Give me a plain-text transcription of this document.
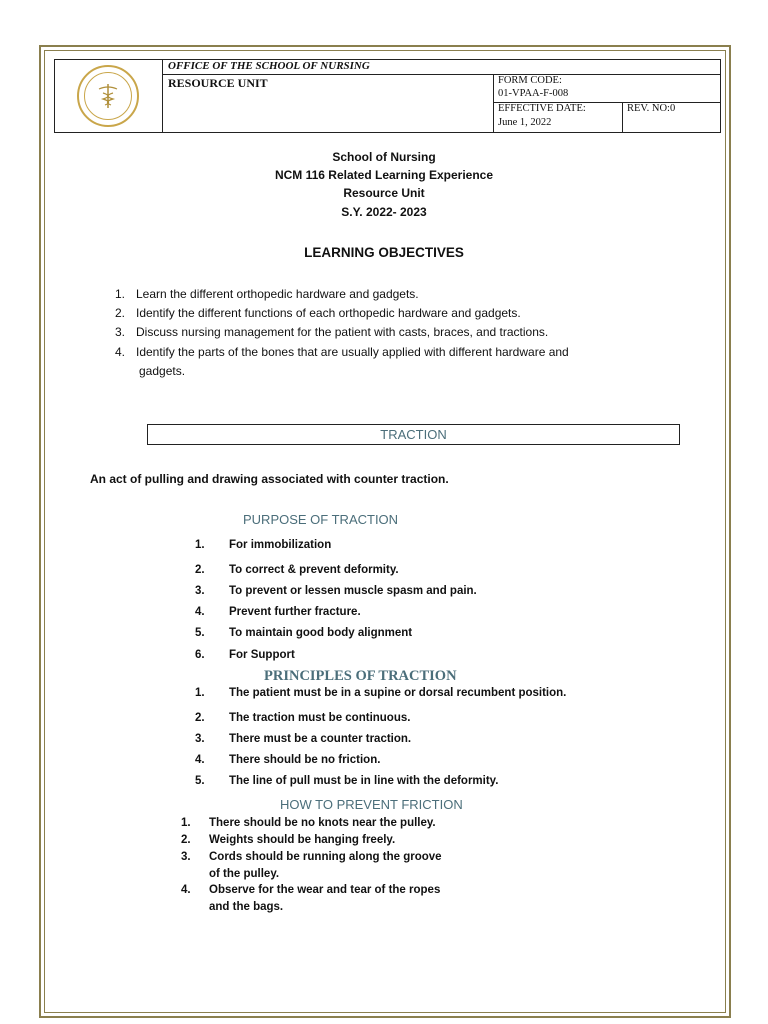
OFFICE OF THE SCHOOL OF NURSING
RESOURCE UNIT	FORM CODE:
01-VPAA-F-008
EFFECTIVE DATE:
June 1, 2022
REV. NO:0
School of Nursing
NCM 116 Related Learning Experience
Resource Unit
S.Y. 2022- 2023
LEARNING OBJECTIVES
1. Learn the different orthopedic hardware and gadgets.
2. Identify the different functions of each orthopedic hardware and gadgets.
3. Discuss nursing management for the patient with casts, braces, and tractions.
4. Identify the parts of the bones that are usually applied with different hardware and
gadgets.
TRACTION
An act of pulling and drawing associated with counter traction.
PURPOSE OF TRACTION
1. For immobilization
2. To correct & prevent deformity.
3. To prevent or lessen muscle spasm and pain.
4. Prevent further fracture.
5. To maintain good body alignment
6. For Support
PRINCIPLES OF TRACTION
1. The patient must be in a supine or dorsal recumbent position.
2. The traction must be continuous.
3. There must be a counter traction.
4. There should be no friction.
5. The line of pull must be in line with the deformity.
HOW TO PREVENT FRICTION
1. There should be no knots near the pulley.
2. Weights should be hanging freely.
3. Cords should be running along the groove
of the pulley.
4. Observe for the wear and tear of the ropes
and the bags.
